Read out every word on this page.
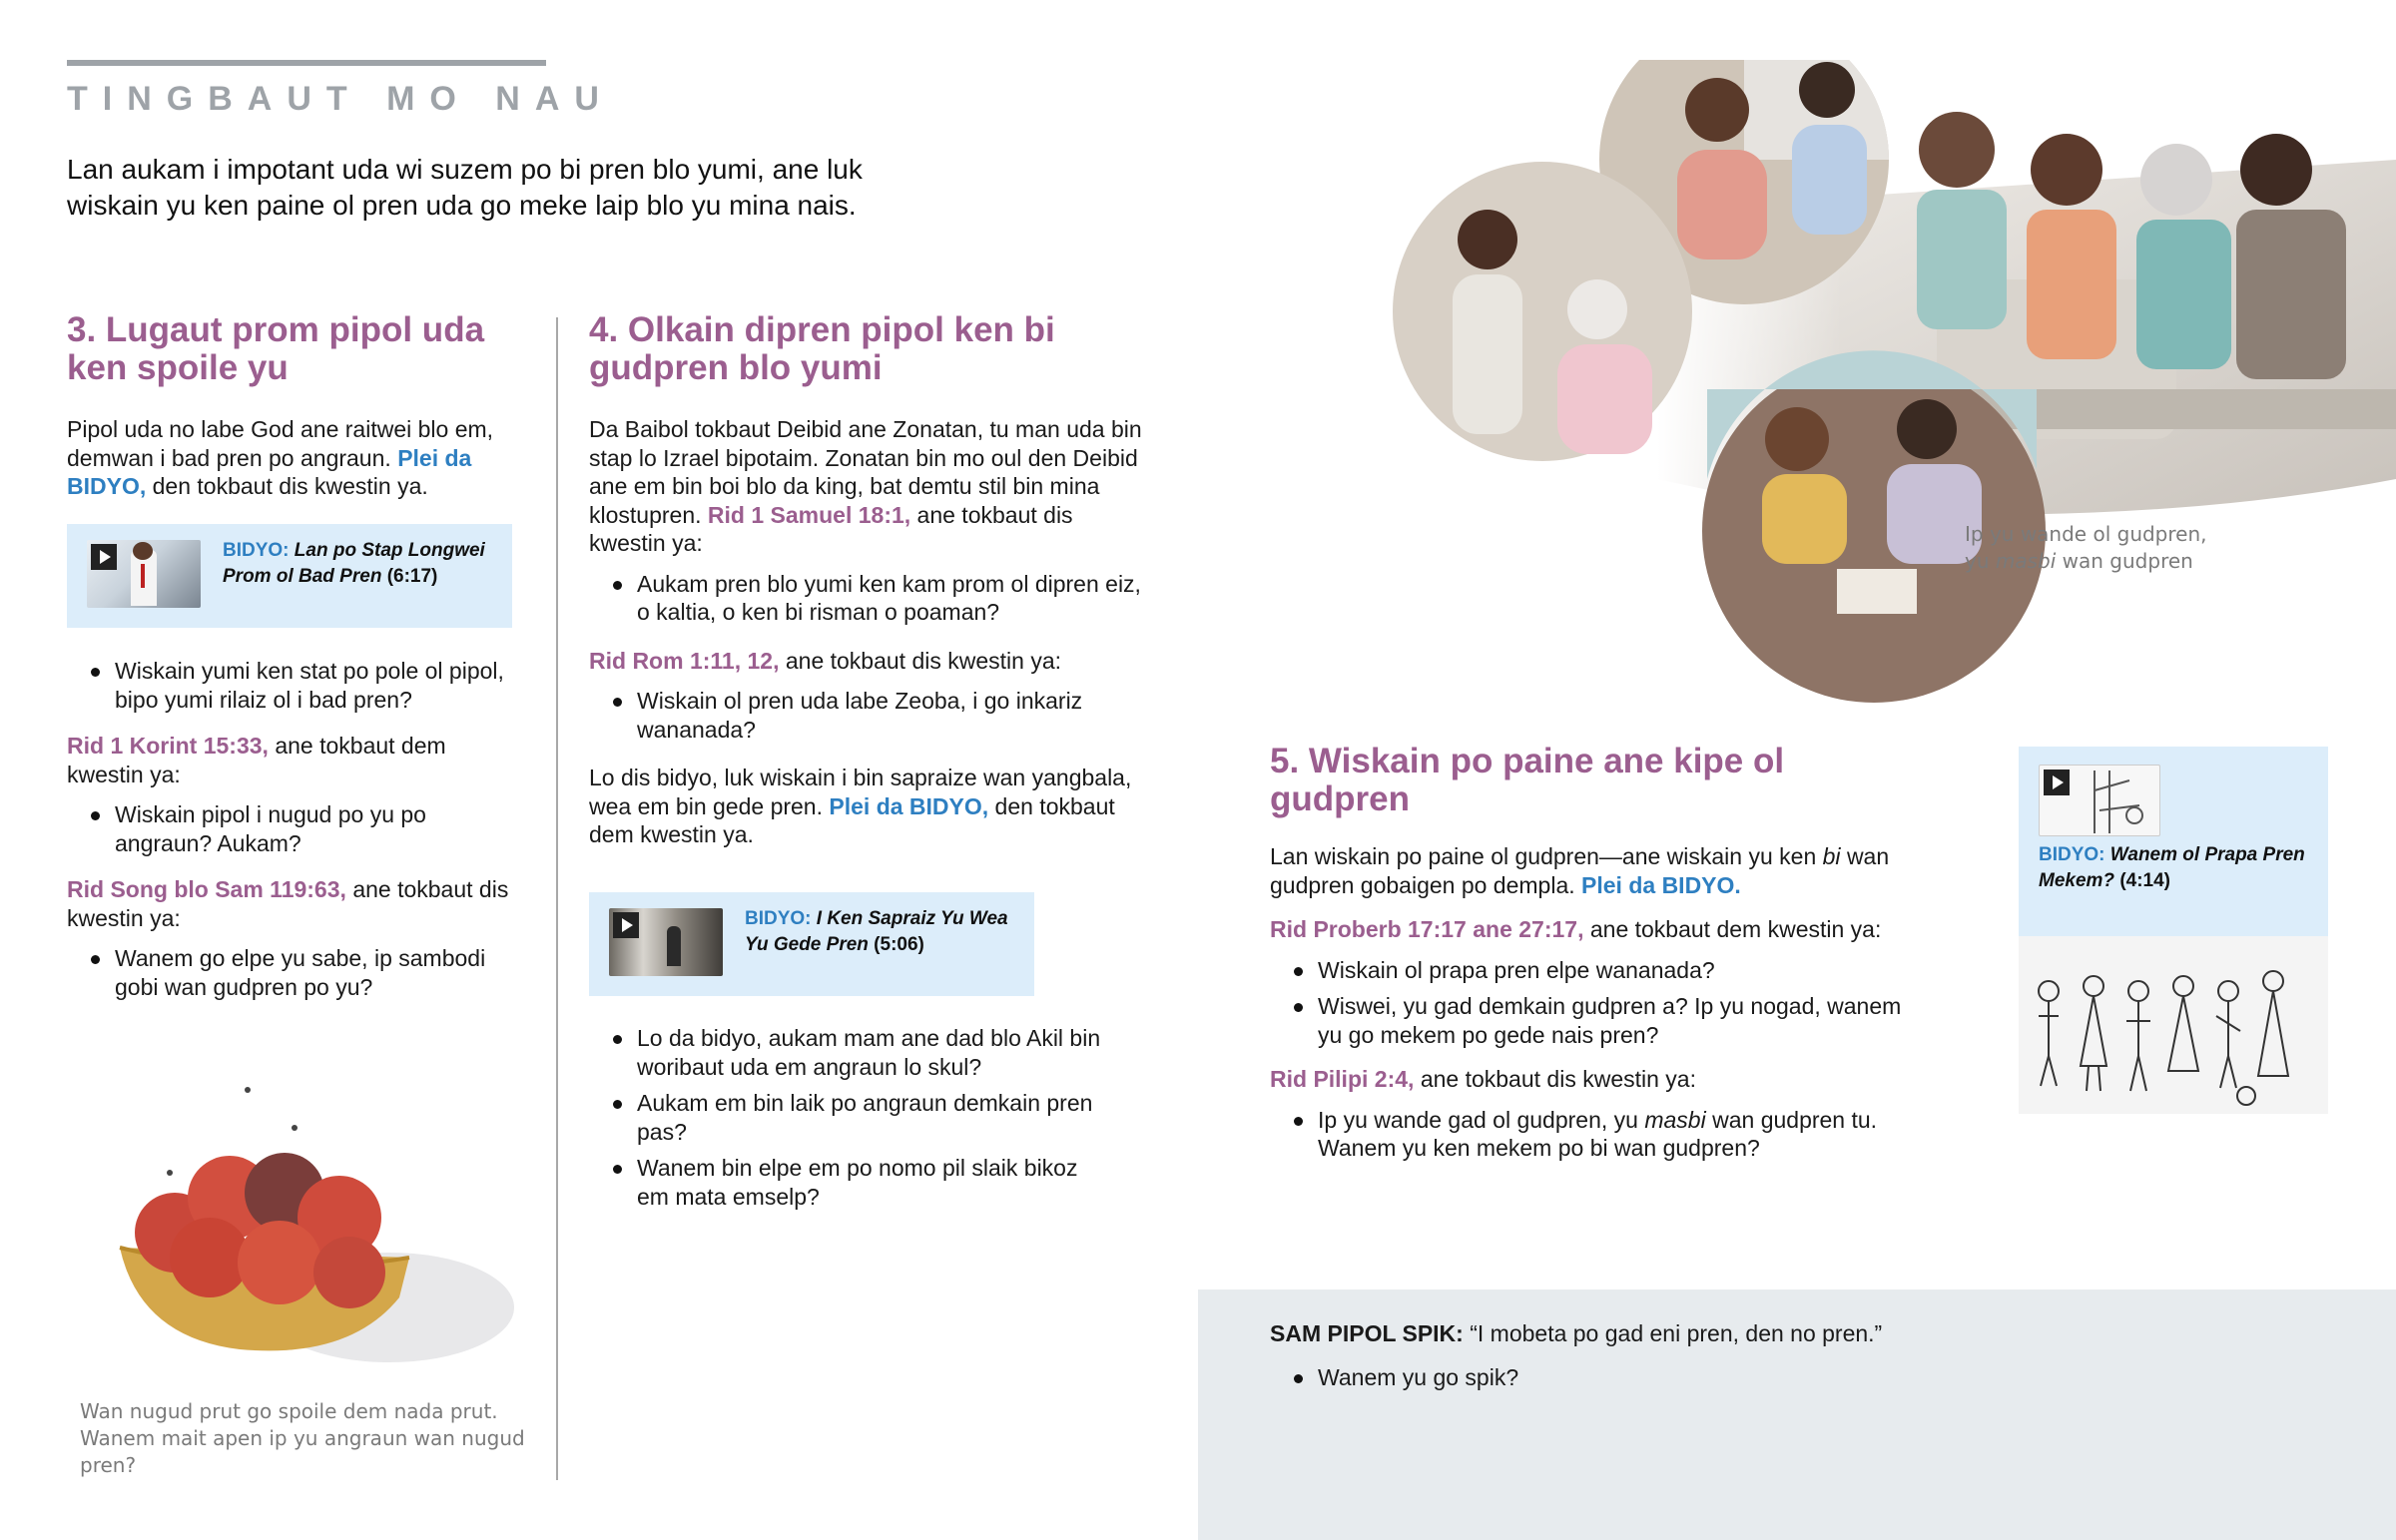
TINGBAUT MO NAU
Lan aukam i impotant uda wi suzem po bi pren blo yumi, ane luk wiskain yu ken paine ol pren uda go meke laip blo yu mina nais.
3. Lugaut prom pipol uda ken spoile yu

Pipol uda no labe God ane raitwei blo em, demwan i bad pren po angraun. Plei da BIDYO, den tokbaut dis kwestin ya.

BIDYO: Lan po Stap Longwei Prom ol Bad Pren (6:17)
Wiskain yumi ken stat po pole ol pipol, bipo yumi rilaiz ol i bad pren?

Rid 1 Korint 15:33, ane tokbaut dem kwestin ya:

Wiskain pipol i nugud po yu po angraun? Aukam?

Rid Song blo Sam 119:63, ane tokbaut dis kwestin ya:

Wanem go elpe yu sabe, ip sambodi gobi wan gudpren po yu?
Wan nugud prut go spoile dem nada prut.
Wanem mait apen ip yu angraun wan nugud pren?
4. Olkain dipren pipol ken bi gudpren blo yumi

Da Baibol tokbaut Deibid ane Zonatan, tu man uda bin stap lo Izrael bipotaim. Zonatan bin mo oul den Deibid ane em bin boi blo da king, bat demtu stil bin mina klostupren. Rid 1 Samuel 18:1, ane tokbaut dis kwestin ya:

Aukam pren blo yumi ken kam prom ol dipren eiz, o kaltia, o ken bi risman o poaman?

Rid Rom 1:11, 12, ane tokbaut dis kwestin ya:

Wiskain ol pren uda labe Zeoba, i go inkariz wananada?

Lo dis bidyo, luk wiskain i bin sapraize wan yangbala, wea em bin gede pren. Plei da BIDYO, den tokbaut dem kwestin ya.

BIDYO: I Ken Sapraiz Yu Wea Yu Gede Pren (5:06)
Lo da bidyo, aukam mam ane dad blo Akil bin woribaut uda em angraun lo skul?
Aukam em bin laik po angraun demkain pren pas?
Wanem bin elpe em po nomo pil slaik bikoz em mata emselp?
Ip yu wande ol gudpren,
yu masbi wan gudpren
5. Wiskain po paine ane kipe ol gudpren

Lan wiskain po paine ol gudpren—ane wiskain yu ken bi wan gudpren gobaigen po dempla. Plei da BIDYO.

Rid Proberb 17:17 ane 27:17, ane tokbaut dem kwestin ya:

Wiskain ol prapa pren elpe wananada?
Wiswei, yu gad demkain gudpren a? Ip yu nogad, wanem yu go mekem po gede nais pren?

Rid Pilipi 2:4, ane tokbaut dis kwestin ya:

Ip yu wande gad ol gudpren, yu masbi wan gudpren tu. Wanem yu ken mekem po bi wan gudpren?
BIDYO: Wanem ol Prapa Pren Mekem? (4:14)
SAM PIPOL SPIK: “I mobeta po gad eni pren, den no pren.”
Wanem yu go spik?
